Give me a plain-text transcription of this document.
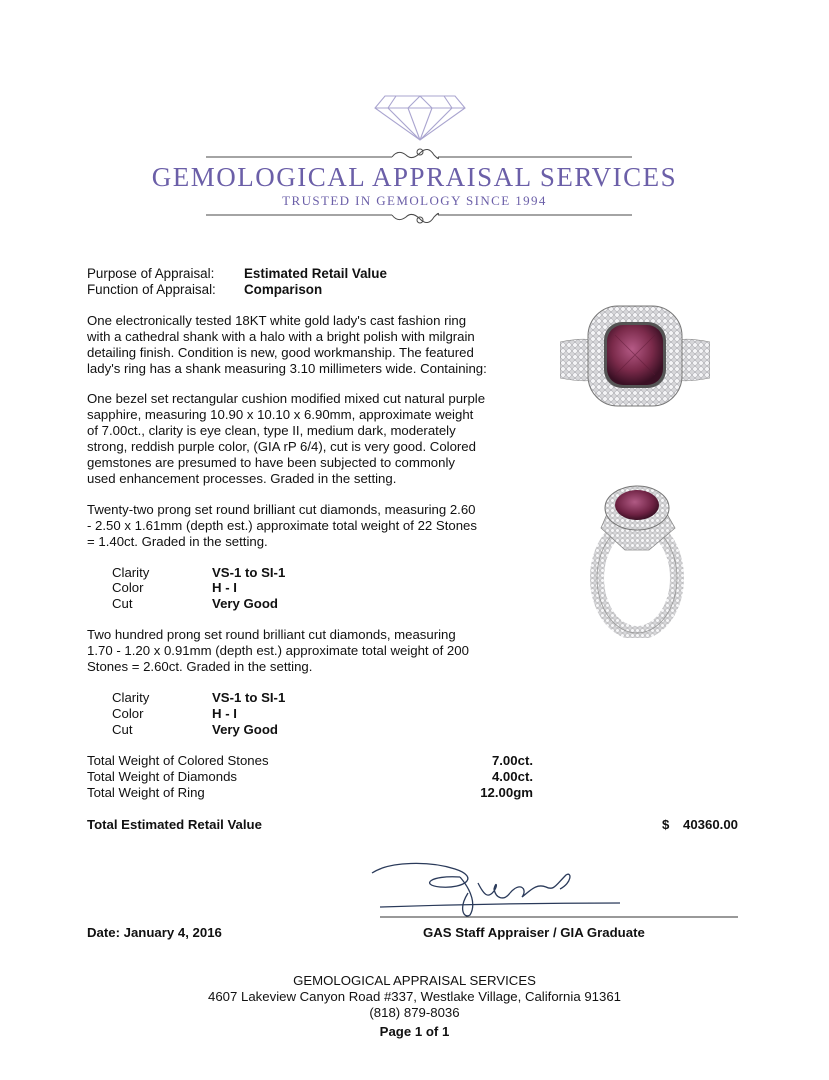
GEMOLOGICAL APPRAISAL SERVICES
TRUSTED IN GEMOLOGY SINCE 1994
Purpose of Appraisal: Estimated Retail Value
Function of Appraisal: Comparison
One electronically tested 18KT white gold lady's cast fashion ring
with a cathedral shank with a halo with a bright polish with milgrain
detailing finish. Condition is new, good workmanship. The featured
lady's ring has a shank measuring 3.10 millimeters wide. Containing:
One bezel set rectangular cushion modified mixed cut natural purple
sapphire, measuring 10.90 x 10.10 x 6.90mm, approximate weight
of 7.00ct., clarity is eye clean, type II, medium dark, moderately
strong, reddish purple color, (GIA rP 6/4), cut is very good. Colored
gemstones are presumed to have been subjected to commonly
used enhancement processes. Graded in the setting.
Twenty-two prong set round brilliant cut diamonds, measuring 2.60
- 2.50 x 1.61mm (depth est.) approximate total weight of 22 Stones
= 1.40ct. Graded in the setting.
Clarity	VS-1 to SI-1
Color	H - I
Cut	Very Good
Two hundred prong set round brilliant cut diamonds, measuring
1.70 - 1.20 x 0.91mm (depth est.) approximate total weight of 200
Stones = 2.60ct. Graded in the setting.
Clarity	VS-1 to SI-1
Color	H - I
Cut	Very Good
Total Weight of Colored Stones	7.00ct.
Total Weight of Diamonds	4.00ct.
Total Weight of Ring	12.00gm
Total Estimated Retail Value	$	40360.00
Date: January 4, 2016	GAS Staff Appraiser / GIA Graduate
GEMOLOGICAL APPRAISAL SERVICES
4607 Lakeview Canyon Road #337, Westlake Village, California 91361
(818) 879-8036
Page 1 of 1
